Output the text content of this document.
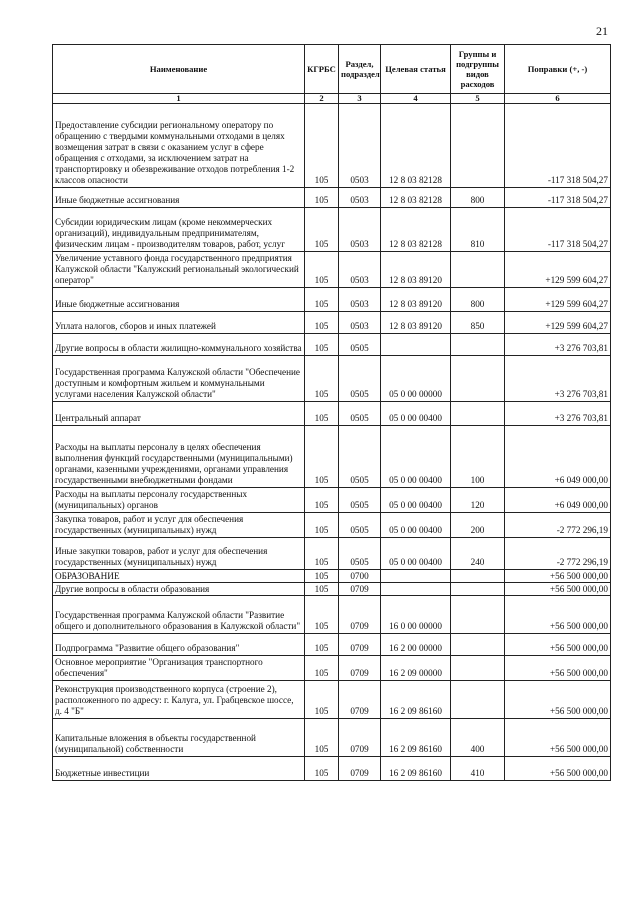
21
Наименование	КГРБС	Раздел, подраздел	Целевая статья	Группы и подгруппы видов расходов	Поправки (+, -)
1	2	3	4	5	6
Предоставление субсидии региональному оператору по обращению с твердыми коммунальными отходами в целях возмещения затрат в связи с оказанием услуг в сфере обращения с отходами, за исключением затрат на транспортировку и обезвреживание отходов потребления 1-2 классов опасности	105	0503	12 8 03 82128		-117 318 504,27
Иные бюджетные ассигнования	105	0503	12 8 03 82128	800	-117 318 504,27
Субсидии юридическим лицам (кроме некоммерческих организаций), индивидуальным предпринимателям, физическим лицам - производителям товаров, работ, услуг	105	0503	12 8 03 82128	810	-117 318 504,27
Увеличение уставного фонда государственного предприятия Калужской области "Калужский региональный экологический оператор"	105	0503	12 8 03 89120		+129 599 604,27
Иные бюджетные ассигнования	105	0503	12 8 03 89120	800	+129 599 604,27
Уплата налогов, сборов и иных платежей	105	0503	12 8 03 89120	850	+129 599 604,27
Другие вопросы в области жилищно-коммунального хозяйства	105	0505			+3 276 703,81
Государственная программа Калужской области "Обеспечение доступным и комфортным жильем и коммунальными услугами населения Калужской области"	105	0505	05 0 00 00000		+3 276 703,81
Центральный аппарат	105	0505	05 0 00 00400		+3 276 703,81
Расходы на выплаты персоналу в целях обеспечения выполнения функций государственными (муниципальными) органами, казенными учреждениями, органами управления государственными внебюджетными фондами	105	0505	05 0 00 00400	100	+6 049 000,00
Расходы на выплаты персоналу государственных (муниципальных) органов	105	0505	05 0 00 00400	120	+6 049 000,00
Закупка товаров, работ и услуг для обеспечения государственных (муниципальных) нужд	105	0505	05 0 00 00400	200	-2 772 296,19
Иные закупки товаров, работ и услуг для обеспечения государственных (муниципальных) нужд	105	0505	05 0 00 00400	240	-2 772 296,19
ОБРАЗОВАНИЕ	105	0700			+56 500 000,00
Другие вопросы в области образования	105	0709			+56 500 000,00
Государственная программа Калужской области "Развитие общего и дополнительного образования в Калужской области"	105	0709	16 0 00 00000		+56 500 000,00
Подпрограмма "Развитие общего образования"	105	0709	16 2 00 00000		+56 500 000,00
Основное мероприятие "Организация транспортного обеспечения"	105	0709	16 2 09 00000		+56 500 000,00
Реконструкция производственного корпуса (строение 2), расположенного по адресу: г. Калуга, ул. Грабцевское шоссе, д. 4 "Б"	105	0709	16 2 09 86160		+56 500 000,00
Капитальные вложения в объекты государственной (муниципальной) собственности	105	0709	16 2 09 86160	400	+56 500 000,00
Бюджетные инвестиции	105	0709	16 2 09 86160	410	+56 500 000,00
